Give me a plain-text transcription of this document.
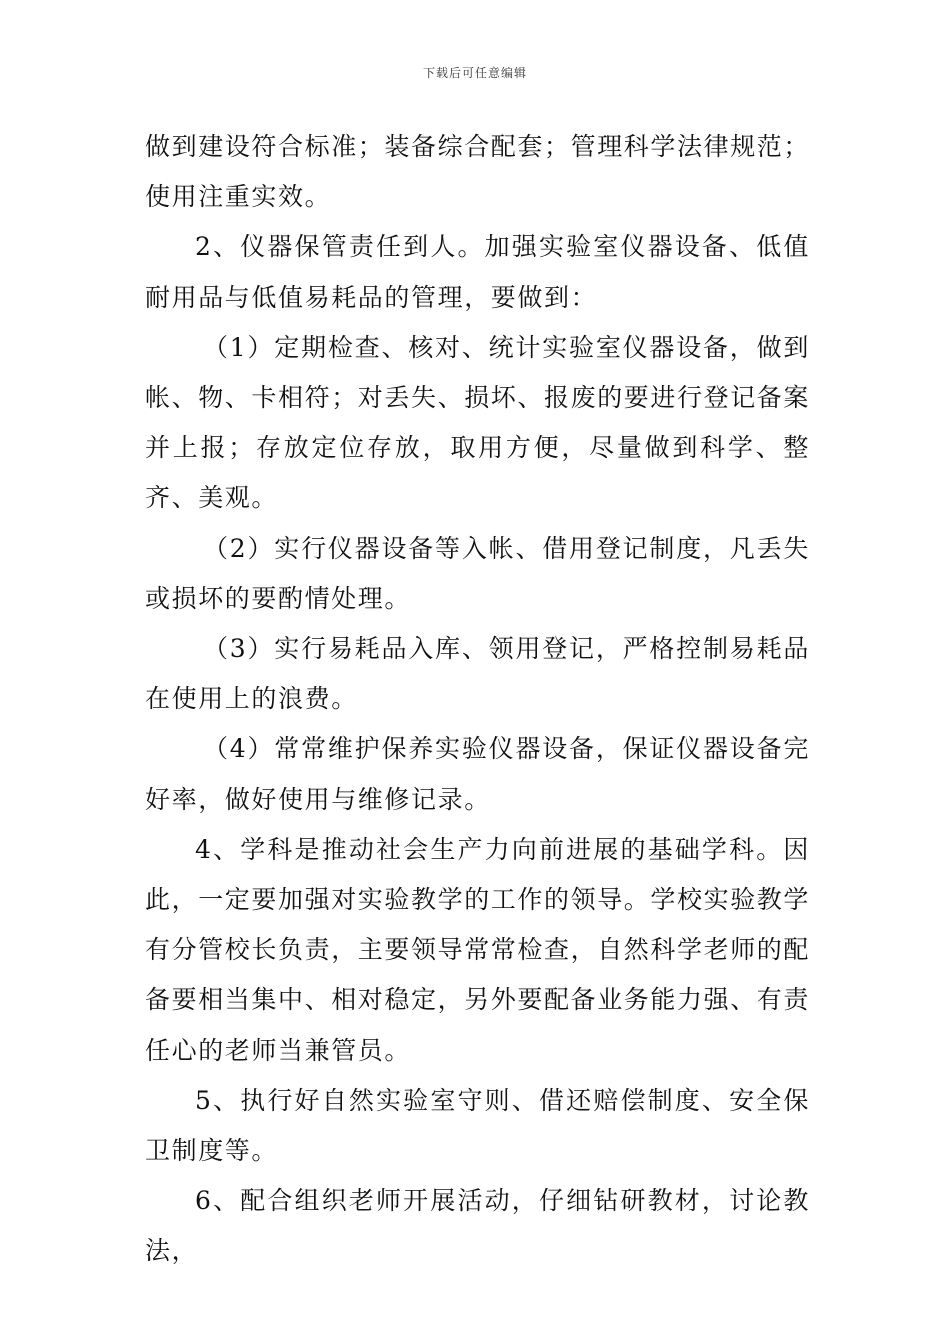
下载后可任意编辑

做到建设符合标准；装备综合配套；管理科学法律规范；使用注重实效。

2、仪器保管责任到人。加强实验室仪器设备、低值耐用品与低值易耗品的管理，要做到：

（1）定期检查、核对、统计实验室仪器设备，做到帐、物、卡相符；对丢失、损坏、报废的要进行登记备案并上报；存放定位存放，取用方便，尽量做到科学、整齐、美观。

（2）实行仪器设备等入帐、借用登记制度，凡丢失或损坏的要酌情处理。

（3）实行易耗品入库、领用登记，严格控制易耗品在使用上的浪费。

（4）常常维护保养实验仪器设备，保证仪器设备完好率，做好使用与维修记录。

4、学科是推动社会生产力向前进展的基础学科。因此，一定要加强对实验教学的工作的领导。学校实验教学有分管校长负责，主要领导常常检查，自然科学老师的配备要相当集中、相对稳定，另外要配备业务能力强、有责任心的老师当兼管员。

5、执行好自然实验室守则、借还赔偿制度、安全保卫制度等。

6、配合组织老师开展活动，仔细钻研教材，讨论教法，
